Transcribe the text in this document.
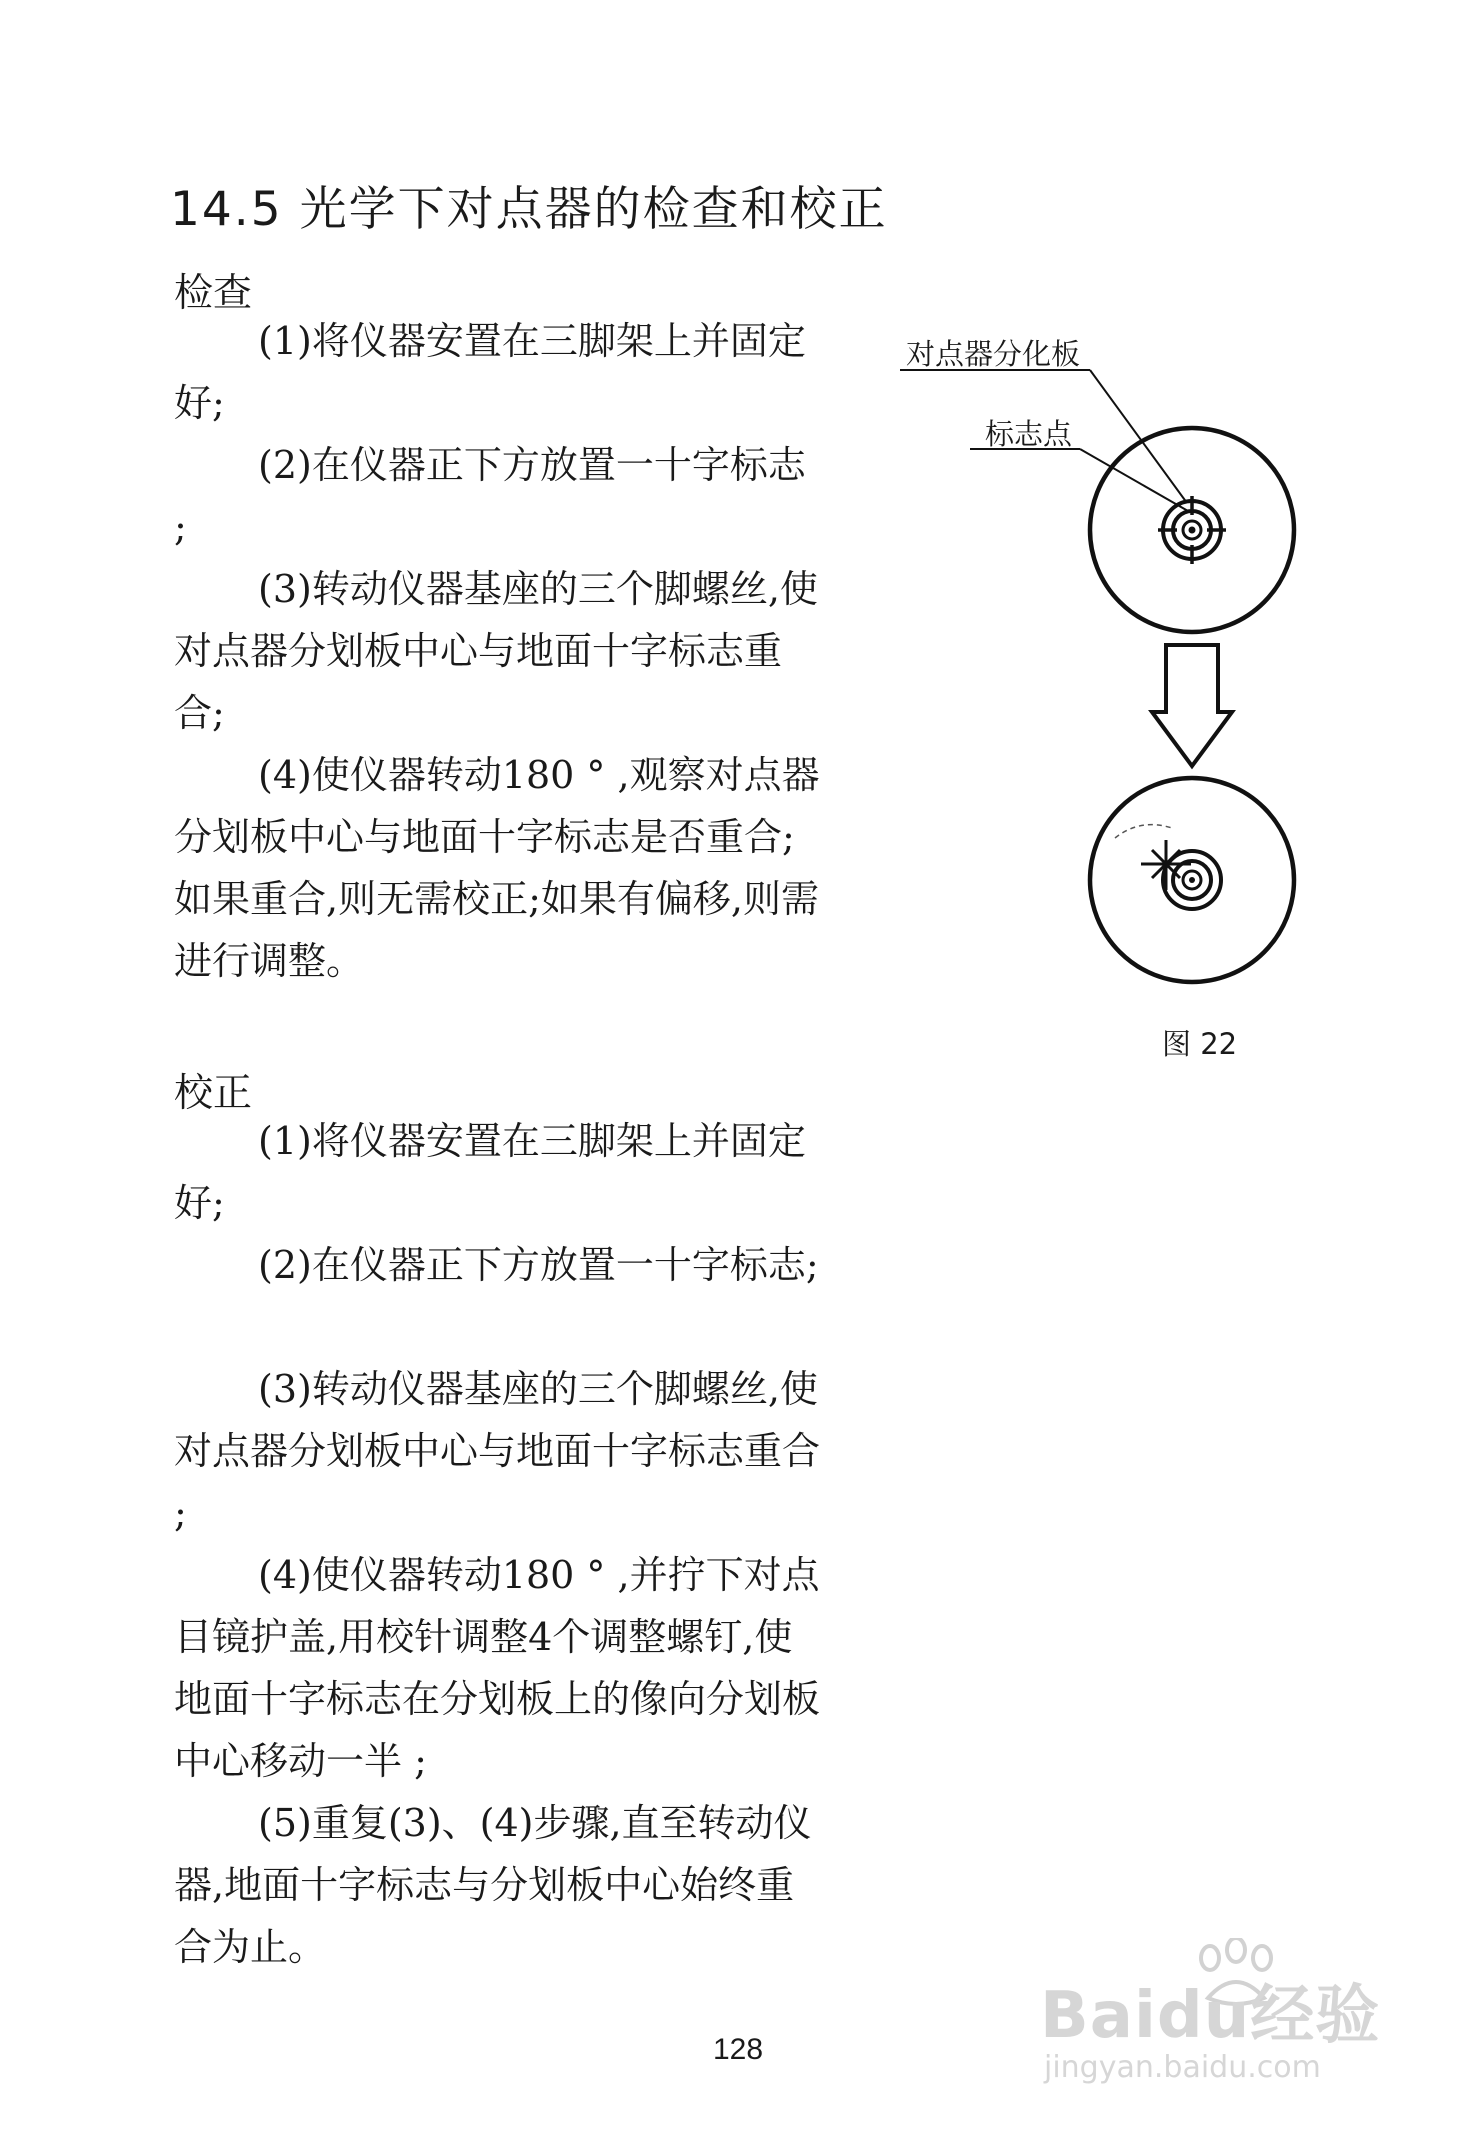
14.5 光学下对点器的检查和校正
检查

(1)将仪器安置在三脚架上并固定好;

(2)在仪器正下方放置一十字标志 ;

(3)转动仪器基座的三个脚螺丝,使对点器分划板中心与地面十字标志重合;

(4)使仪器转动180 ° ,观察对点器分划板中心与地面十字标志是否重合;如果重合,则无需校正;如果有偏移,则需进行调整。

校正

(1)将仪器安置在三脚架上并固定好;

(2)在仪器正下方放置一十字标志;

(3)转动仪器基座的三个脚螺丝,使对点器分划板中心与地面十字标志重合 ;

(4)使仪器转动180 ° ,并拧下对点目镜护盖,用校针调整4个调整螺钉,使地面十字标志在分划板上的像向分划板中心移动一半 ;

(5)重复(3)、(4)步骤,直至转动仪器,地面十字标志与分划板中心始终重合为止。

对点器分化板
标志点
图 22
128	Baidu经验
jingyan.baidu.com
